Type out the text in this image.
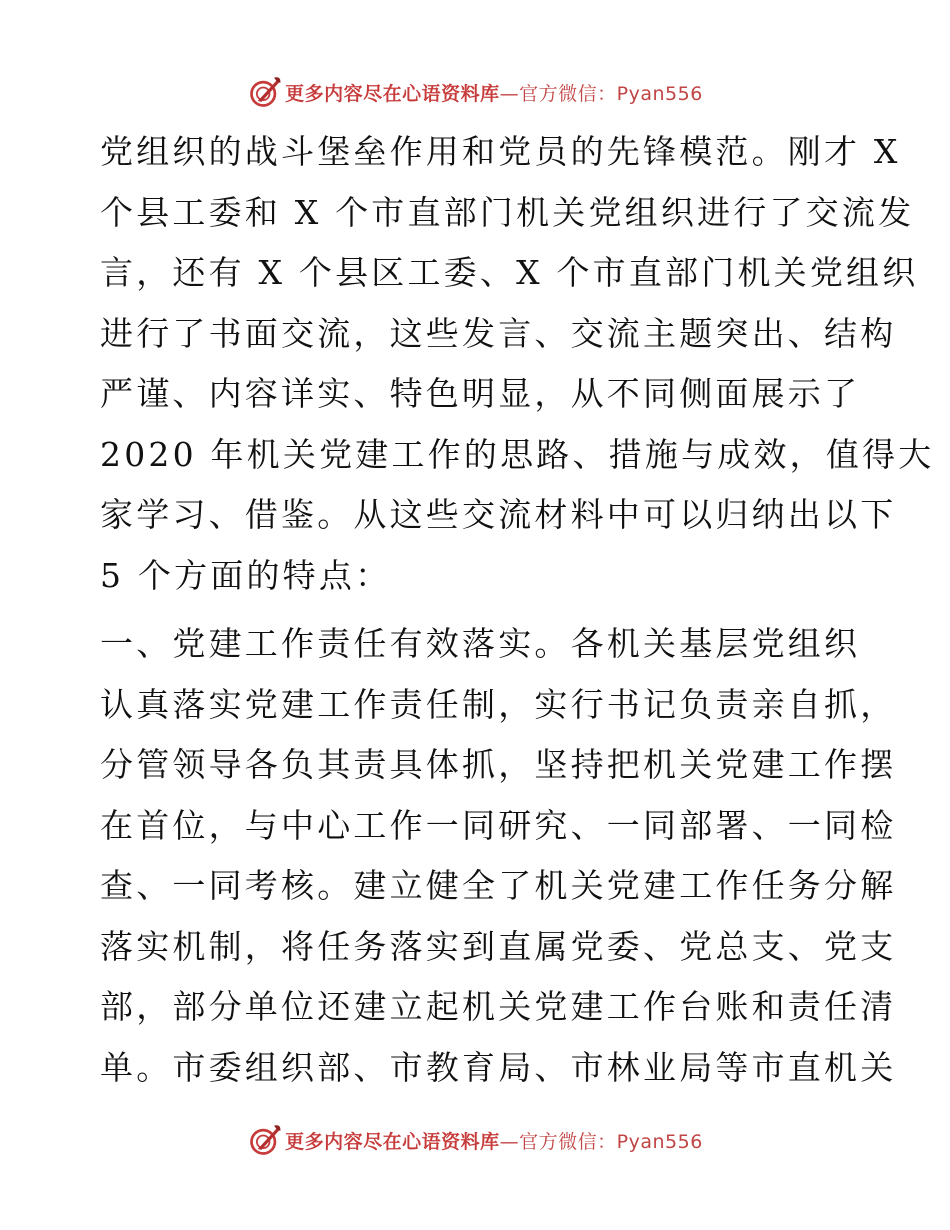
更多内容尽在心语资料库—官方微信：Pyan556
党组织的战斗堡垒作用和党员的先锋模范。刚才 X
个县工委和 X 个市直部门机关党组织进行了交流发
言，还有 X 个县区工委、X 个市直部门机关党组织
进行了书面交流，这些发言、交流主题突出、结构
严谨、内容详实、特色明显，从不同侧面展示了
2020 年机关党建工作的思路、措施与成效，值得大
家学习、借鉴。从这些交流材料中可以归纳出以下
5 个方面的特点：
一、党建工作责任有效落实。各机关基层党组织
认真落实党建工作责任制，实行书记负责亲自抓，
分管领导各负其责具体抓，坚持把机关党建工作摆
在首位，与中心工作一同研究、一同部署、一同检
查、一同考核。建立健全了机关党建工作任务分解
落实机制，将任务落实到直属党委、党总支、党支
部，部分单位还建立起机关党建工作台账和责任清
单。市委组织部、市教育局、市林业局等市直机关
更多内容尽在心语资料库—官方微信：Pyan556
